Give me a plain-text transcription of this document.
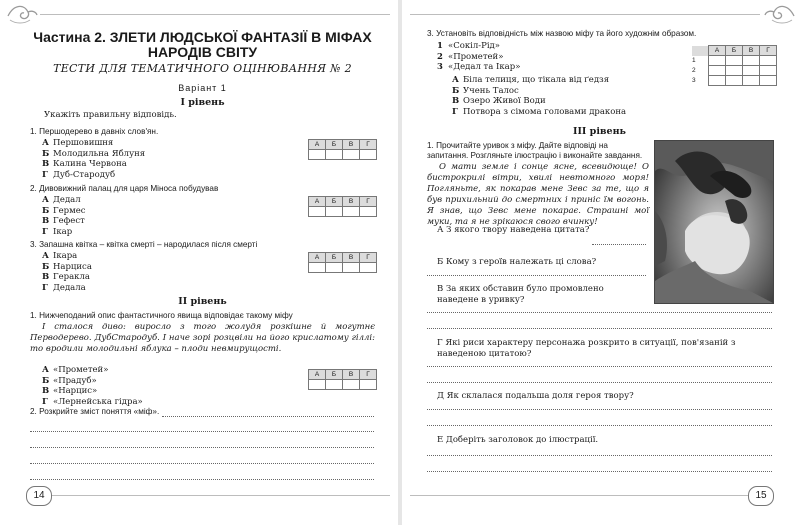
Частина 2. ЗЛЕТИ ЛЮДСЬКОЇ ФАНТАЗІЇ В МІФАХ НАРОДІВ СВІТУ
ТЕСТИ ДЛЯ ТЕМАТИЧНОГО ОЦІНЮВАННЯ № 2
Варіант 1
І рівень
Укажіть правильну відповідь.
1. Першодерево в давніх слов'ян.
А Першовишня
Б Молодильна Яблуня
В Калина Червона
Г Дуб-Стародуб
А	Б	В	Г

2. Дивовижний палац для царя Міноса побудував
А Дедал
Б Гермес
В Гефест
Г Ікар
А	Б	В	Г

3. Запашна квітка – квітка смерті – народилася після смерті
А Ікара
Б Нарциса
В Геракла
Г Дедала
А	Б	В	Г

ІІ рівень
1. Нижчеподаний опис фантастичного явища відповідає такому міфу
І сталося диво: виросло з того жолудя розкішне й могутнє Перводерево. ДубСтародуб. І наче зорі розцвіли на його крислатому гіллі: то вродили молодильні яблука – плоди невмирущості.
А «Прометей»
Б «Прадуб»
В «Нарцис»
Г «Лернейська гідра»
А	Б	В	Г

2. Розкрийте зміст поняття «міф».
14
3. Установіть відповідність між назвою міфу та його художнім образом.
1 «Сокіл-Рід»
2 «Прометей»
3 «Дедал та Ікар»
А Біла телиця, що тікала від ґедзя
Б Учень Талос
В Озеро Живої Води
Г Потвора з сімома головами дракона
	А	Б	В	Г
1				
2				
3				
ІІІ рівень
1. Прочитайте уривок з міфу. Дайте відповіді на запитання. Розгляньте ілюстрацію і виконайте завдання.
О мати земле і сонце ясне, всевидюще! О бистрокрилі вітри, хвилі невтомного моря! Погляньте, як покарав мене Зевс за те, що я був прихильний до смертних і приніс їм вогонь. Я знав, що Зевс мене покарає. Страшні мої муки, та я не зрікаюся свого вчинку!
А З якого твору наведена цитата?
Б Кому з героїв належать ці слова?
В За яких обставин було промовлено наведене в уривку?
Г Які риси характеру персонажа розкрито в ситуації, пов'язаній з наведеною цитатою?
Д Як склалася подальша доля героя твору?
Е Доберіть заголовок до ілюстрації.
15
